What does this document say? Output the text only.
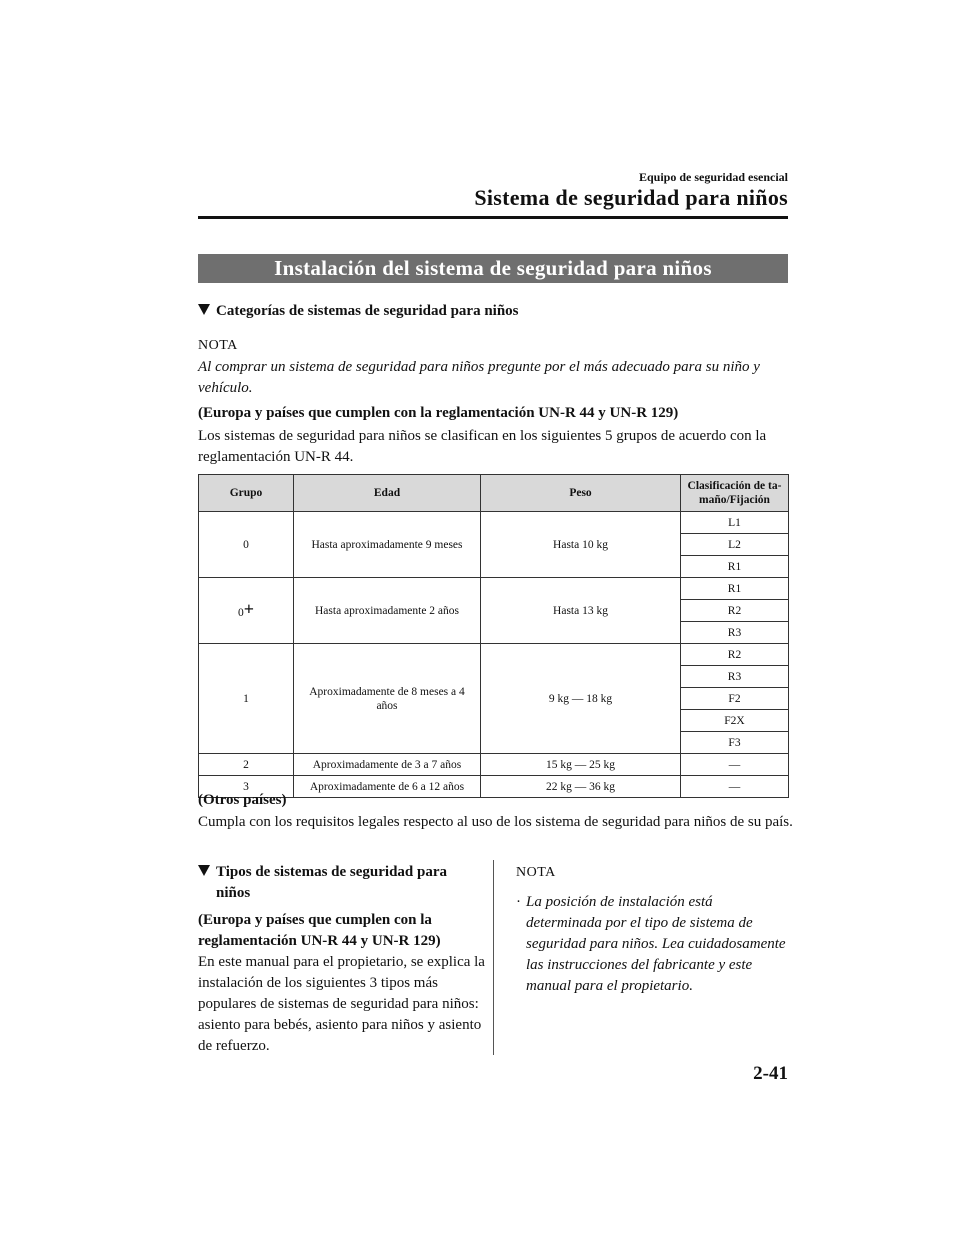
Equipo de seguridad esencial
Sistema de seguridad para niños
Instalación del sistema de seguridad para niños
Categorías de sistemas de seguridad para niños
NOTA
Al comprar un sistema de seguridad para niños pregunte por el más adecuado para su niño y vehículo.
(Europa y países que cumplen con la reglamentación UN-R 44 y UN-R 129)
Los sistemas de seguridad para niños se clasifican en los siguientes 5 grupos de acuerdo con la reglamentación UN-R 44.
Grupo	Edad	Peso	Clasificación de ta-maño/Fijación
0	Hasta aproximadamente 9 meses	Hasta 10 kg	L1
			L2
			R1
0+	Hasta aproximadamente 2 años	Hasta 13 kg	R1
			R2
			R3
1	Aproximadamente de 8 meses a 4 años	9 kg ― 18 kg	R2
			R3
			F2
			F2X
			F3
2	Aproximadamente de 3 a 7 años	15 kg ― 25 kg	―
3	Aproximadamente de 6 a 12 años	22 kg ― 36 kg	―
(Otros países)
Cumpla con los requisitos legales respecto al uso de los sistema de seguridad para niños de su país.
Tipos de sistemas de seguridad para
niños
(Europa y países que cumplen con la reglamentación UN-R 44 y UN-R 129)
En este manual para el propietario, se explica la instalación de los siguientes 3 tipos más populares de sistemas de seguridad para niños: asiento para bebés, asiento para niños y asiento de refuerzo.
NOTA
· La posición de instalación está determinada por el tipo de sistema de seguridad para niños. Lea cuidadosamente las instrucciones del fabricante y este manual para el propietario.
2-41
